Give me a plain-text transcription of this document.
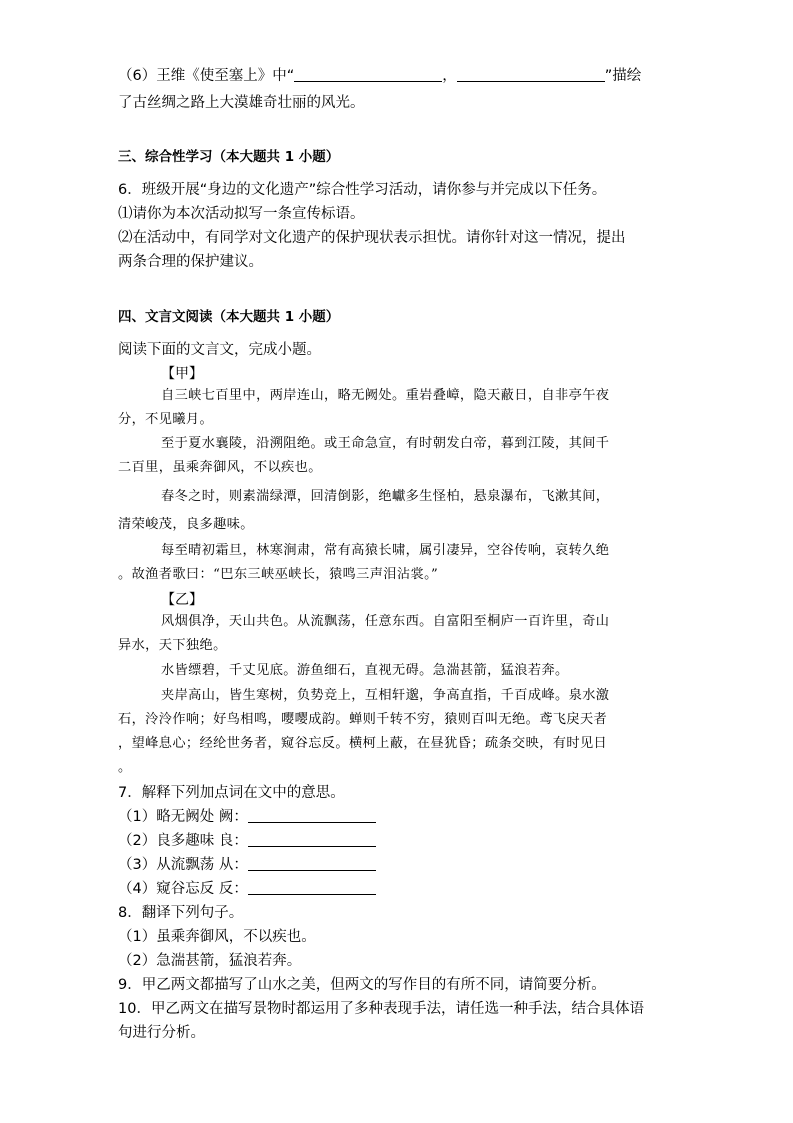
（6）王维《使至塞上》中“	，	”描绘
了古丝绸之路上大漠雄奇壮丽的风光。
三、综合性学习（本大题共 1 小题）
6．班级开展“身边的文化遗产”综合性学习活动，请你参与并完成以下任务。
⑴请你为本次活动拟写一条宣传标语。
⑵在活动中，有同学对文化遗产的保护现状表示担忧。请你针对这一情况，提出
两条合理的保护建议。
四、文言文阅读（本大题共 1 小题）
阅读下面的文言文，完成小题。
【甲】
自三峡七百里中，两岸连山，略无阙处。重岩叠嶂，隐天蔽日，自非亭午夜
分，不见曦月。
至于夏水襄陵，沿溯阻绝。或王命急宣，有时朝发白帝，暮到江陵，其间千
二百里，虽乘奔御风，不以疾也。
春冬之时，则素湍绿潭，回清倒影，绝巘多生怪柏，悬泉瀑布，飞漱其间，
清荣峻茂，良多趣味。
每至晴初霜旦，林寒涧肃，常有高猿长啸，属引凄异，空谷传响，哀转久绝
。故渔者歌曰：“巴东三峡巫峡长，猿鸣三声泪沾裳。”
【乙】
风烟俱净，天山共色。从流飘荡，任意东西。自富阳至桐庐一百许里，奇山
异水，天下独绝。
水皆缥碧，千丈见底。游鱼细石，直视无碍。急湍甚箭，猛浪若奔。
夹岸高山，皆生寒树，负势竞上，互相轩邈，争高直指，千百成峰。泉水激
石，泠泠作响；好鸟相鸣，嘤嘤成韵。蝉则千转不穷，猿则百叫无绝。鸢飞戾天者
，望峰息心；经纶世务者，窥谷忘反。横柯上蔽，在昼犹昏；疏条交映，有时见日
。
7．解释下列加点词在文中的意思。
（1）略无阙处 阙：
（2）良多趣味 良：
（3）从流飘荡 从：
（4）窥谷忘反 反：
8．翻译下列句子。
（1）虽乘奔御风，不以疾也。
（2）急湍甚箭，猛浪若奔。
9．甲乙两文都描写了山水之美，但两文的写作目的有所不同，请简要分析。
10．甲乙两文在描写景物时都运用了多种表现手法，请任选一种手法，结合具体语
句进行分析。
